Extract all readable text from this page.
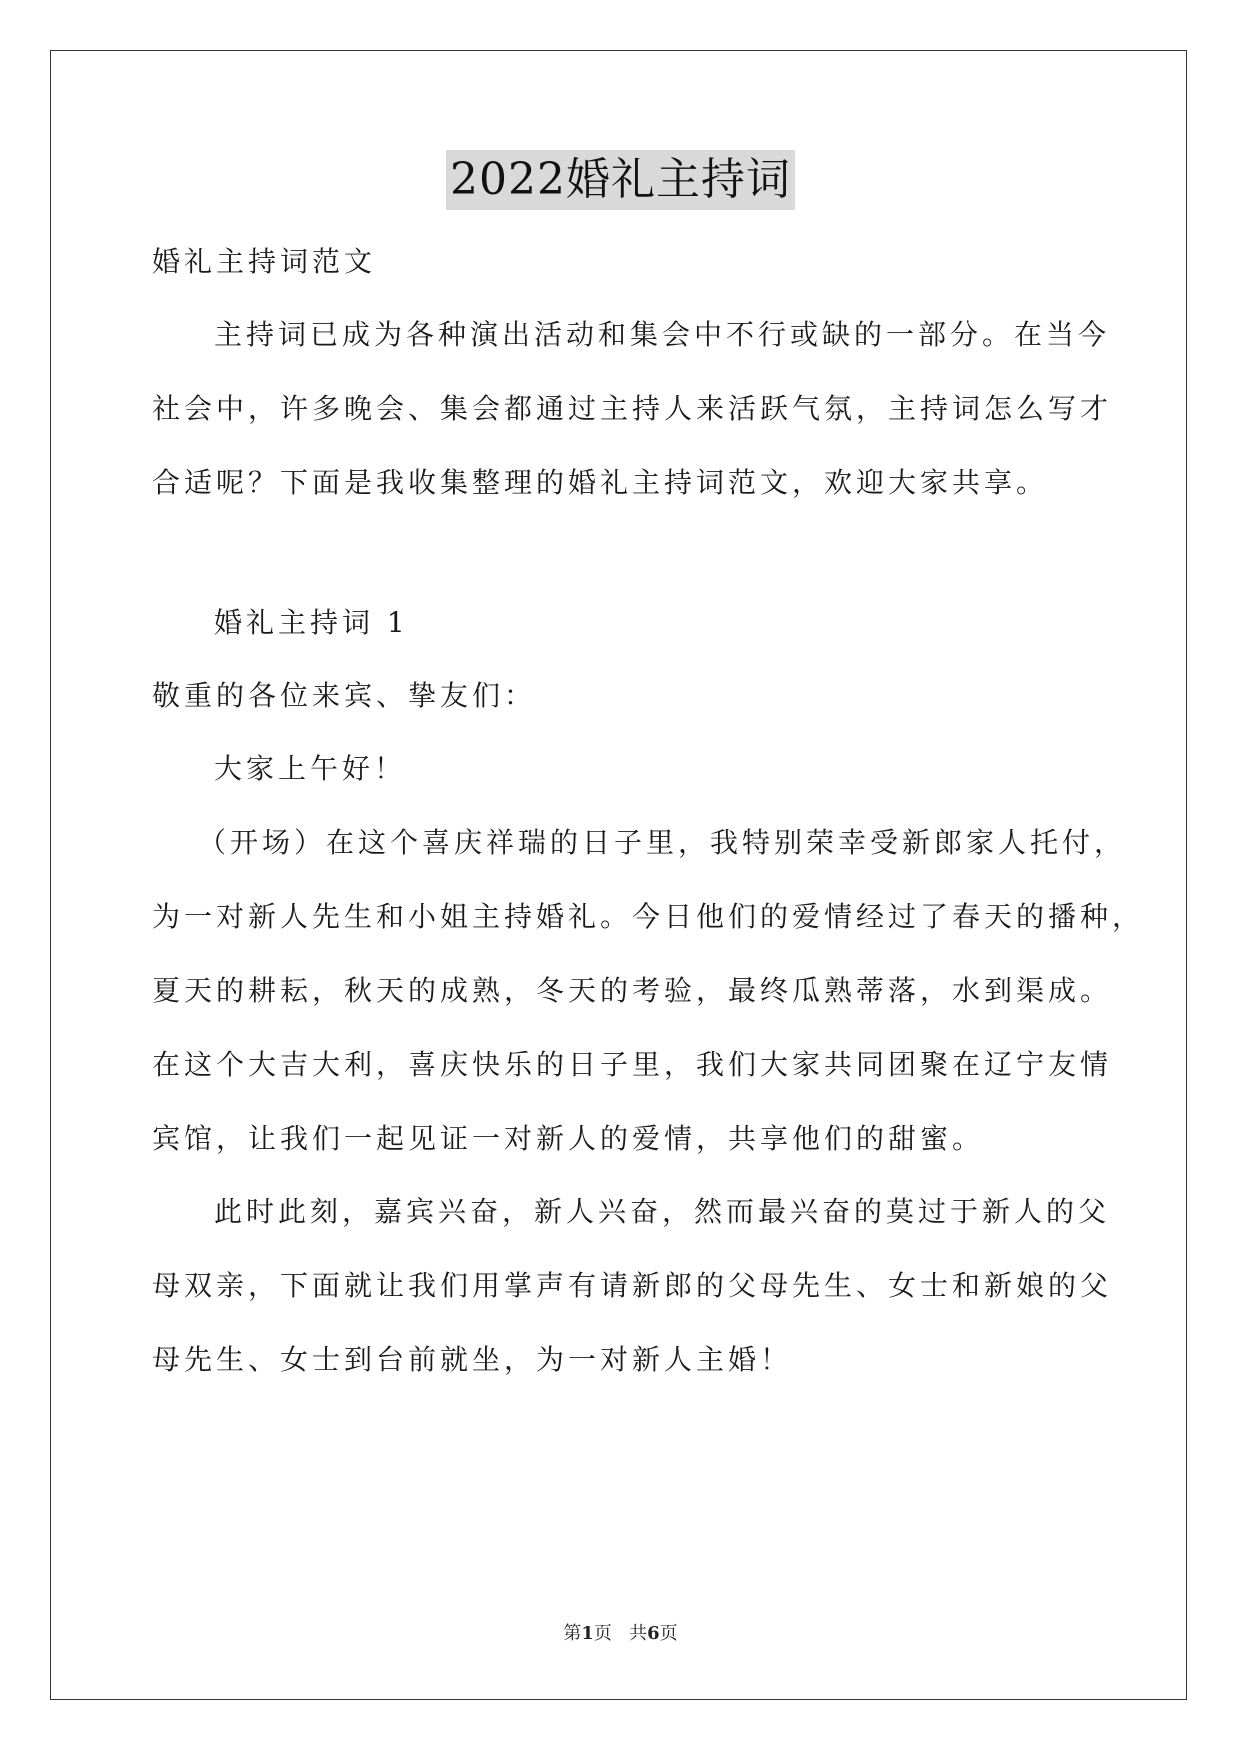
2022婚礼主持词
婚礼主持词范文
主持词已成为各种演出活动和集会中不行或缺的一部分。在当今
社会中，许多晚会、集会都通过主持人来活跃气氛，主持词怎么写才
合适呢？下面是我收集整理的婚礼主持词范文，欢迎大家共享。
婚礼主持词 1
敬重的各位来宾、挚友们：
大家上午好！
（开场）在这个喜庆祥瑞的日子里，我特别荣幸受新郎家人托付，
为一对新人先生和小姐主持婚礼。今日他们的爱情经过了春天的播种，
夏天的耕耘，秋天的成熟，冬天的考验，最终瓜熟蒂落，水到渠成。
在这个大吉大利，喜庆快乐的日子里，我们大家共同团聚在辽宁友情
宾馆，让我们一起见证一对新人的爱情，共享他们的甜蜜。
此时此刻，嘉宾兴奋，新人兴奋，然而最兴奋的莫过于新人的父
母双亲，下面就让我们用掌声有请新郎的父母先生、女士和新娘的父
母先生、女士到台前就坐，为一对新人主婚！
第1页   共6页
